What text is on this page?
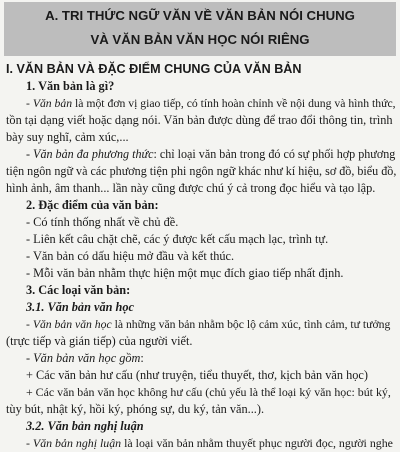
A. TRI THỨC NGỮ VĂN VỀ VĂN BẢN NÓI CHUNG
VÀ VĂN BẢN VĂN HỌC NÓI RIÊNG
I. VĂN BẢN VÀ ĐẶC ĐIỂM CHUNG CỦA VĂN BẢN
1. Văn bản là gì?
- Văn bản là một đơn vị giao tiếp, có tính hoàn chỉnh về nội dung và hình thức,
tồn tại dạng viết hoặc dạng nói. Văn bản được dùng để trao đổi thông tin, trình
bày suy nghĩ, cảm xúc,...
- Văn bản đa phương thức: chỉ loại văn bản trong đó có sự phối hợp phương
tiện ngôn ngữ và các phương tiện phi ngôn ngữ khác như kí hiệu, sơ đồ, biểu đồ,
hình ảnh, âm thanh... lần này cũng được chú ý cả trong đọc hiểu và tạo lập.
2. Đặc điểm của văn bản:
- Có tính thống nhất về chủ đề.
- Liên kết câu chặt chẽ, các ý được kết cấu mạch lạc, trình tự.
- Văn bản có dấu hiệu mở đầu và kết thúc.
- Mỗi văn bản nhằm thực hiện một mục đích giao tiếp nhất định.
3. Các loại văn bản:
3.1. Văn bản văn học
- Văn bản văn học là những văn bản nhằm bộc lộ cảm xúc, tình cảm, tư tưởng
(trực tiếp và gián tiếp) của người viết.
- Văn bản văn học gồm:
+ Các văn bản hư cấu (như truyện, tiểu thuyết, thơ, kịch bản văn học)
+ Các văn bản văn học không hư cấu (chủ yếu là thể loại ký văn học: bút ký,
tùy bút, nhật ký, hồi ký, phóng sự, du ký, tản văn...).
3.2. Văn bản nghị luận
- Văn bản nghị luận là loại văn bản nhằm thuyết phục người đọc, người nghe
